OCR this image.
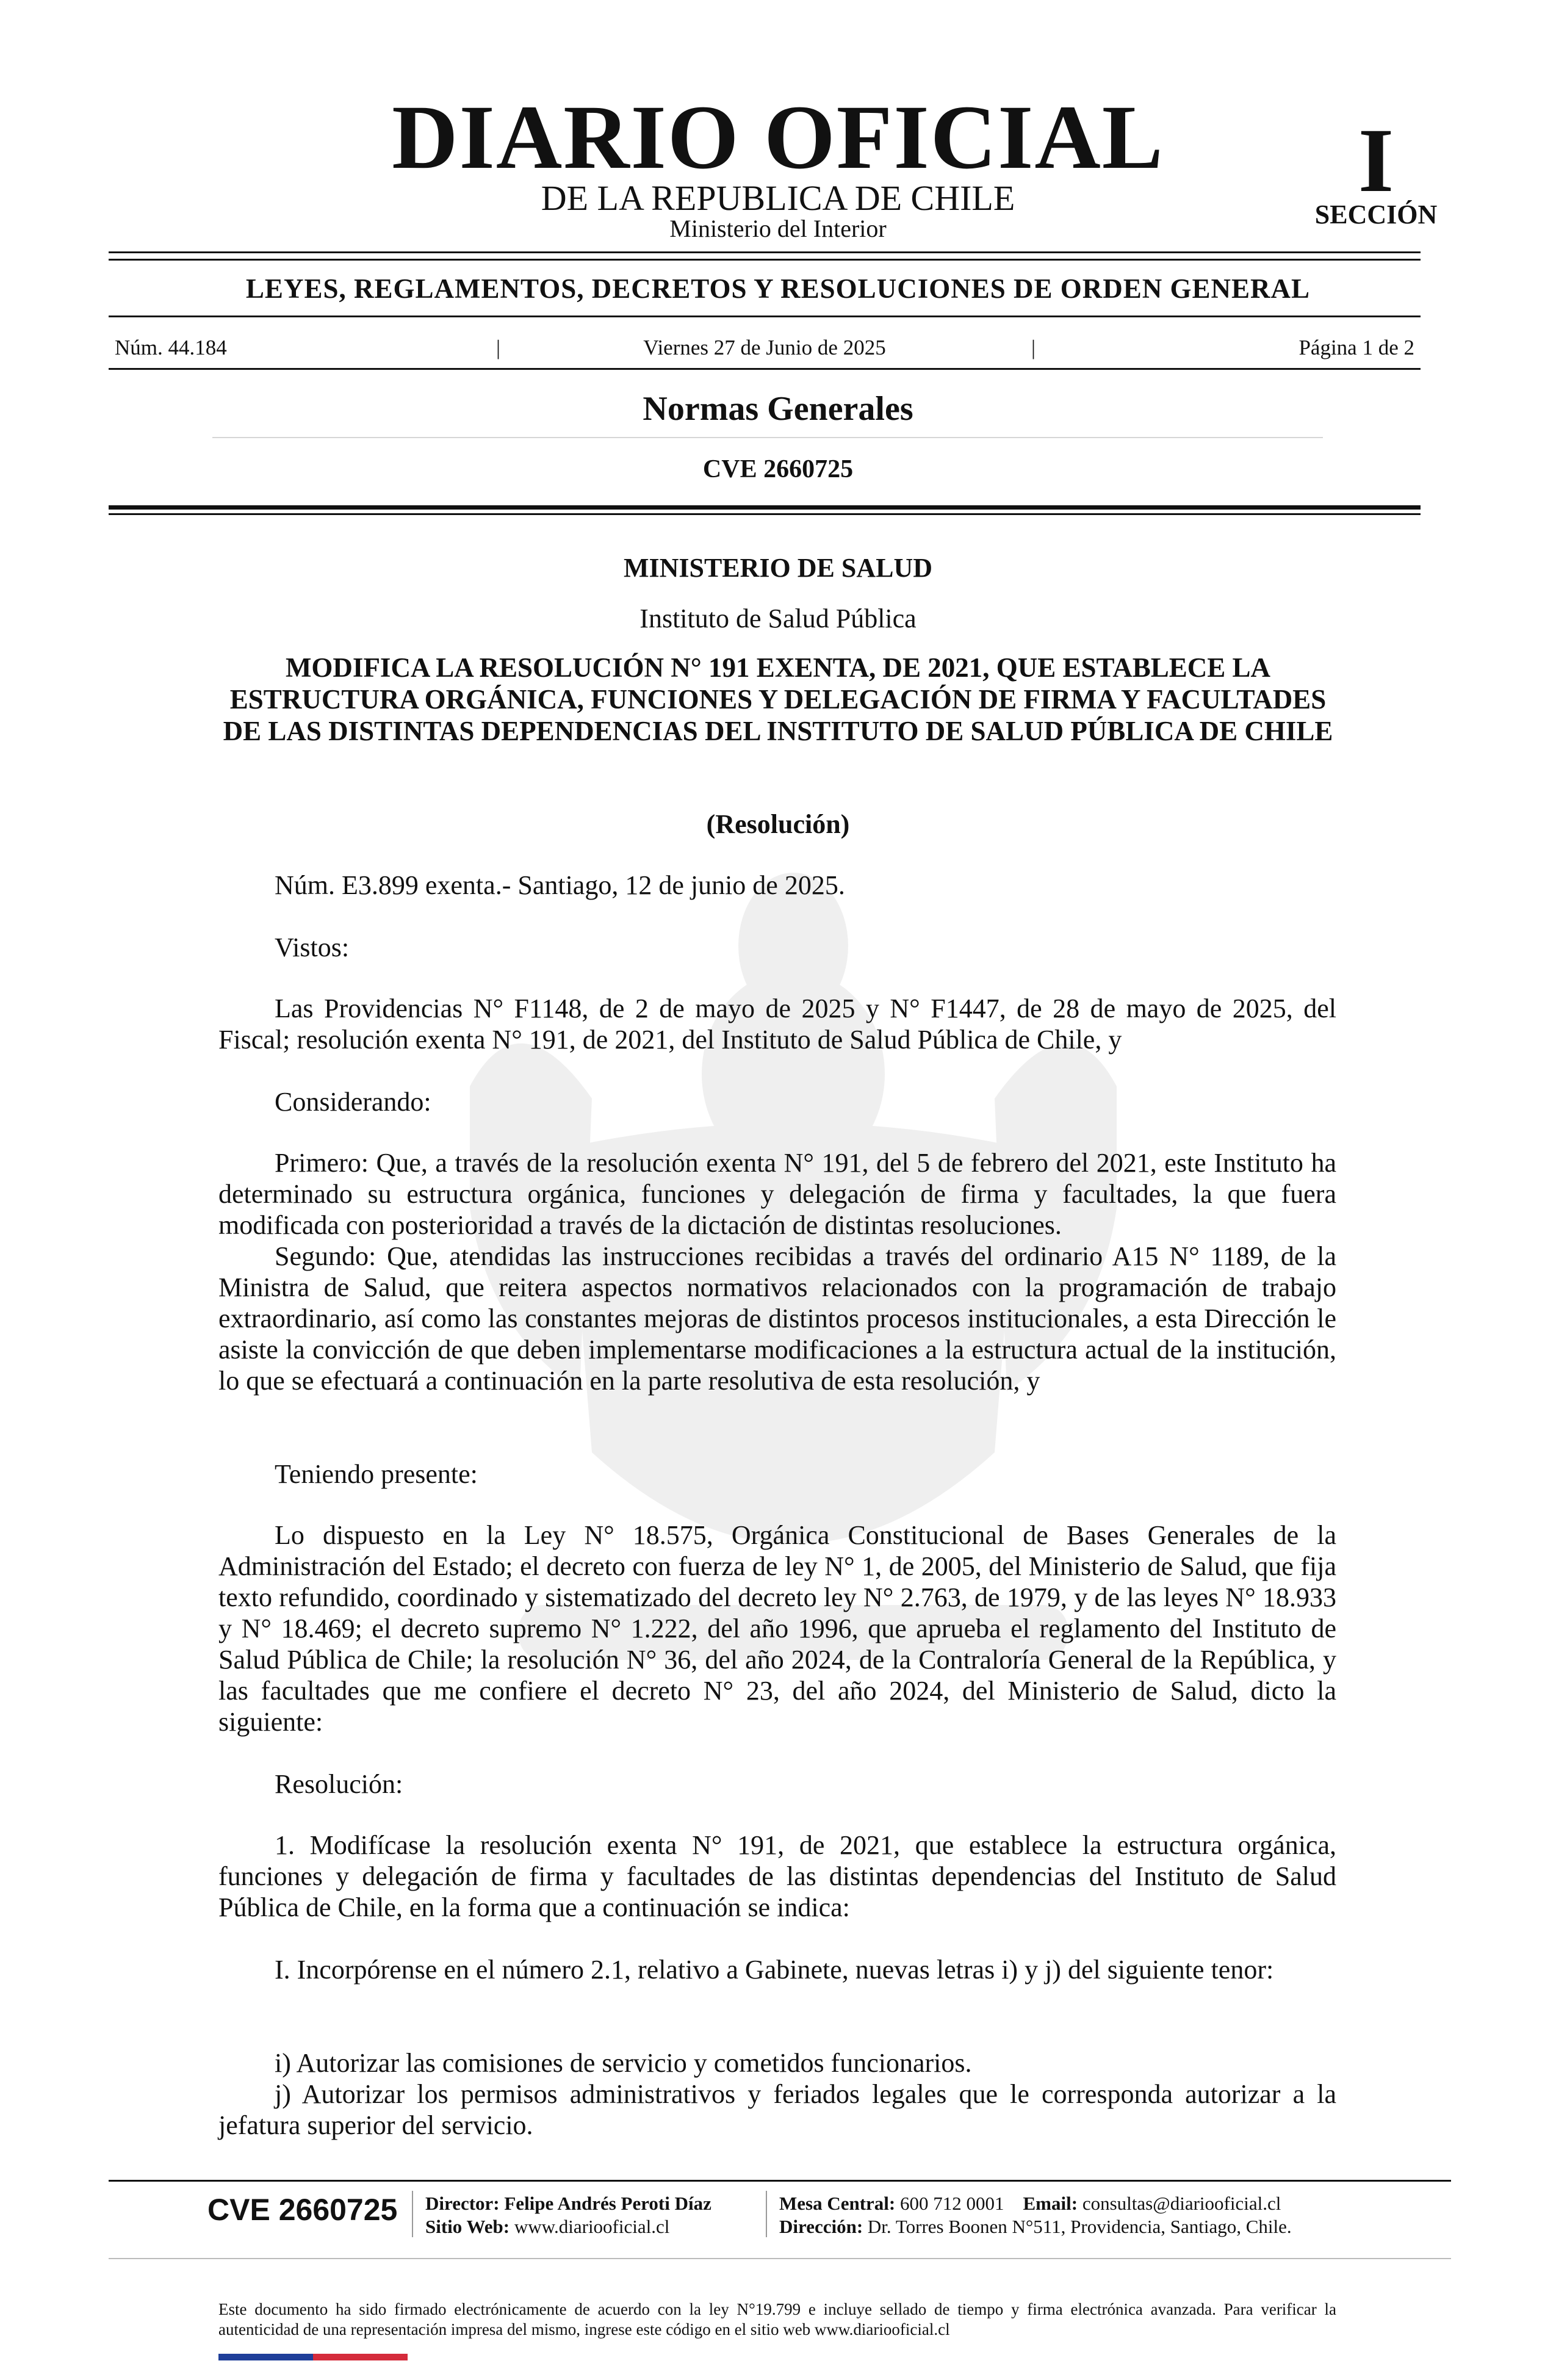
DIARIO OFICIAL
DE LA REPUBLICA DE CHILE
Ministerio del Interior
I
SECCIÓN
LEYES, REGLAMENTOS, DECRETOS Y RESOLUCIONES DE ORDEN GENERAL
Núm. 44.184	|	Viernes 27 de Junio de 2025	|	Página 1 de 2
Normas Generales
CVE 2660725
MINISTERIO DE SALUD
Instituto de Salud Pública
MODIFICA LA RESOLUCIÓN N° 191 EXENTA, DE 2021, QUE ESTABLECE LA ESTRUCTURA ORGÁNICA, FUNCIONES Y DELEGACIÓN DE FIRMA Y FACULTADES DE LAS DISTINTAS DEPENDENCIAS DEL INSTITUTO DE SALUD PÚBLICA DE CHILE
(Resolución)
Núm. E3.899 exenta.- Santiago, 12 de junio de 2025.
Vistos:
Las Providencias N° F1148, de 2 de mayo de 2025 y N° F1447, de 28 de mayo de 2025, del Fiscal; resolución exenta N° 191, de 2021, del Instituto de Salud Pública de Chile, y
Considerando:
Primero: Que, a través de la resolución exenta N° 191, del 5 de febrero del 2021, este Instituto ha determinado su estructura orgánica, funciones y delegación de firma y facultades, la que fuera modificada con posterioridad a través de la dictación de distintas resoluciones.
Segundo: Que, atendidas las instrucciones recibidas a través del ordinario A15 N° 1189, de la Ministra de Salud, que reitera aspectos normativos relacionados con la programación de trabajo extraordinario, así como las constantes mejoras de distintos procesos institucionales, a esta Dirección le asiste la convicción de que deben implementarse modificaciones a la estructura actual de la institución, lo que se efectuará a continuación en la parte resolutiva de esta resolución, y
Teniendo presente:
Lo dispuesto en la Ley N° 18.575, Orgánica Constitucional de Bases Generales de la Administración del Estado; el decreto con fuerza de ley N° 1, de 2005, del Ministerio de Salud, que fija texto refundido, coordinado y sistematizado del decreto ley N° 2.763, de 1979, y de las leyes N° 18.933 y N° 18.469; el decreto supremo N° 1.222, del año 1996, que aprueba el reglamento del Instituto de Salud Pública de Chile; la resolución N° 36, del año 2024, de la Contraloría General de la República, y las facultades que me confiere el decreto N° 23, del año 2024, del Ministerio de Salud, dicto la siguiente:
Resolución:
1. Modifícase la resolución exenta N° 191, de 2021, que establece la estructura orgánica, funciones y delegación de firma y facultades de las distintas dependencias del Instituto de Salud Pública de Chile, en la forma que a continuación se indica:
I. Incorpórense en el número 2.1, relativo a Gabinete, nuevas letras i) y j) del siguiente tenor:
i) Autorizar las comisiones de servicio y cometidos funcionarios.
j) Autorizar los permisos administrativos y feriados legales que le corresponda autorizar a la jefatura superior del servicio.
CVE 2660725 Director: Felipe Andrés Peroti Díaz
Sitio Web: www.diariooficial.cl
Mesa Central: 600 712 0001 Email: consultas@diariooficial.cl
Dirección: Dr. Torres Boonen N°511, Providencia, Santiago, Chile.
Este documento ha sido firmado electrónicamente de acuerdo con la ley N°19.799 e incluye sellado de tiempo y firma electrónica avanzada. Para verificar la autenticidad de una representación impresa del mismo, ingrese este código en el sitio web www.diariooficial.cl
